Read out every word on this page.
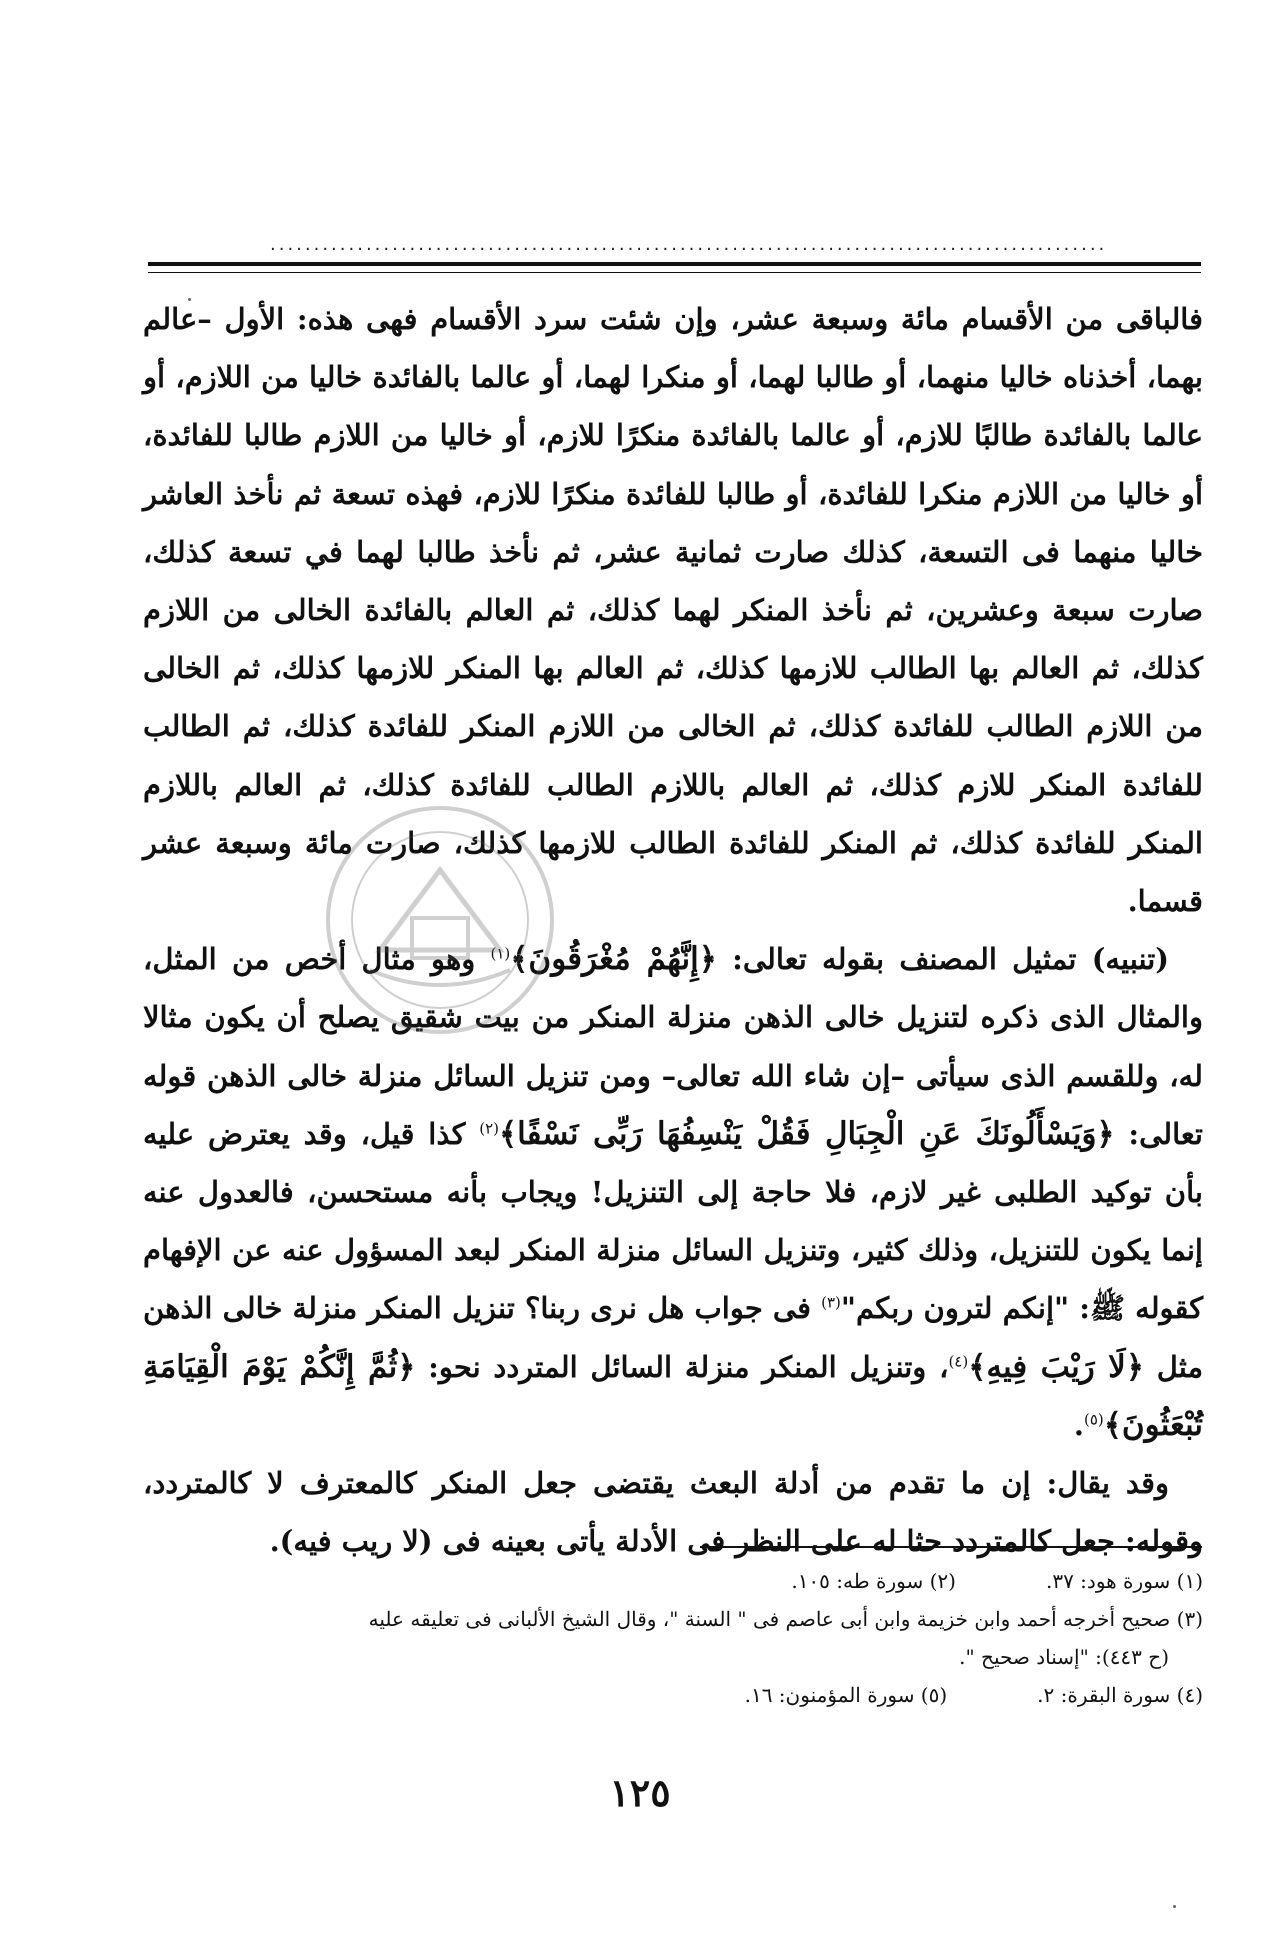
································································································

فالباقى من الأقسام مائة وسبعة عشر، وإن شئت سرد الأقسام فهى هذه: الأول –عالم بهما، أخذناه خاليا منهما، أو طالبا لهما، أو منكرا لهما، أو عالما بالفائدة خاليا من اللازم، أو عالما بالفائدة طالبًا للازم، أو عالما بالفائدة منكرًا للازم، أو خاليا من اللازم طالبا للفائدة، أو خاليا من اللازم منكرا للفائدة، أو طالبا للفائدة منكرًا للازم، فهذه تسعة ثم نأخذ العاشر خاليا منهما فى التسعة، كذلك صارت ثمانية عشر، ثم نأخذ طالبا لهما في تسعة كذلك، صارت سبعة وعشرين، ثم نأخذ المنكر لهما كذلك، ثم العالم بالفائدة الخالى من اللازم كذلك، ثم العالم بها الطالب للازمها كذلك، ثم العالم بها المنكر للازمها كذلك، ثم الخالى من اللازم الطالب للفائدة كذلك، ثم الخالى من اللازم المنكر للفائدة كذلك، ثم الطالب للفائدة المنكر للازم كذلك، ثم العالم باللازم الطالب للفائدة كذلك، ثم العالم باللازم المنكر للفائدة كذلك، ثم المنكر للفائدة الطالب للازمها كذلك، صارت مائة وسبعة عشر قسما.

(تنبيه) تمثيل المصنف بقوله تعالى: ﴿إِنَّهُمْ مُغْرَقُونَ﴾$^{(١)}$ وهو مثال أخص من المثل، والمثال الذى ذكره لتنزيل خالى الذهن منزلة المنكر من بيت شقيق يصلح أن يكون مثالا له، وللقسم الذى سيأتى –إن شاء الله تعالى– ومن تنزيل السائل منزلة خالى الذهن قوله تعالى: ﴿وَيَسْأَلُونَكَ عَنِ الْجِبَالِ فَقُلْ يَنْسِفُهَا رَبِّى نَسْفًا﴾$^{(٢)}$ كذا قيل، وقد يعترض عليه بأن توكيد الطلبى غير لازم، فلا حاجة إلى التنزيل! ويجاب بأنه مستحسن، فالعدول عنه إنما يكون للتنزيل، وذلك كثير، وتنزيل السائل منزلة المنكر لبعد المسؤول عنه عن الإفهام كقوله ﷺ: "إنكم لترون ربكم"$^{(٣)}$ فى جواب هل نرى ربنا؟ تنزيل المنكر منزلة خالى الذهن مثل ﴿لَا رَيْبَ فِيهِ﴾$^{(٤)}$، وتنزيل المنكر منزلة السائل المتردد نحو: ﴿ثُمَّ إِنَّكُمْ يَوْمَ الْقِيَامَةِ تُبْعَثُونَ﴾$^{(٥)}$.

وقد يقال: إن ما تقدم من أدلة البعث يقتضى جعل المنكر كالمعترف لا كالمتردد، وقوله: جعل كالمتردد حثا له على النظر فى الأدلة يأتى بعينه فى (لا ريب فيه).

(١) سورة هود: ٣٧.
(٢) سورة طه: ١٠٥.
(٣) صحيح أخرجه أحمد وابن خزيمة وابن أبى عاصم فى " السنة "، وقال الشيخ الألبانى فى تعليقه عليه
(ح ٤٤٣): "إسناد صحيح ".
(٤) سورة البقرة: ٢.
(٥) سورة المؤمنون: ١٦.
١٢٥
